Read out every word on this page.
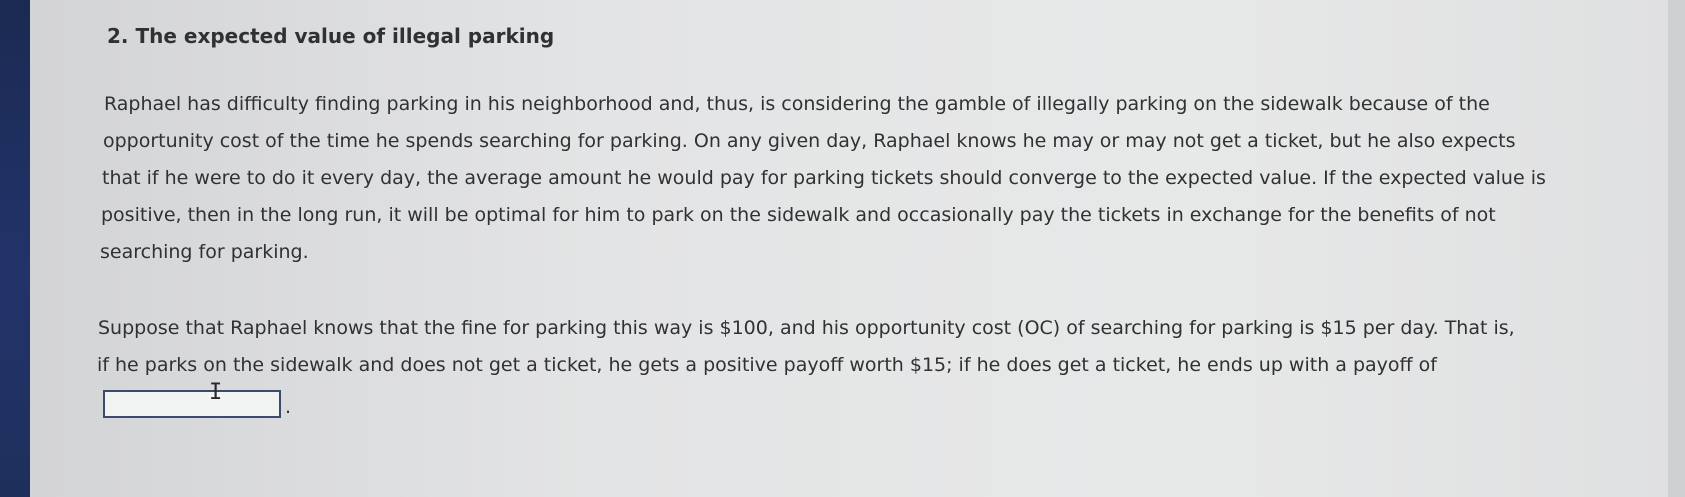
2. The expected value of illegal parking
Raphael has difficulty finding parking in his neighborhood and, thus, is considering the gamble of illegally parking on the sidewalk because of the
opportunity cost of the time he spends searching for parking. On any given day, Raphael knows he may or may not get a ticket, but he also expects
that if he were to do it every day, the average amount he would pay for parking tickets should converge to the expected value. If the expected value is
positive, then in the long run, it will be optimal for him to park on the sidewalk and occasionally pay the tickets in exchange for the benefits of not
searching for parking.
Suppose that Raphael knows that the fine for parking this way is $100, and his opportunity cost (OC) of searching for parking is $15 per day. That is,
if he parks on the sidewalk and does not get a ticket, he gets a positive payoff worth $15; if he does get a ticket, he ends up with a payoff of
I
.
